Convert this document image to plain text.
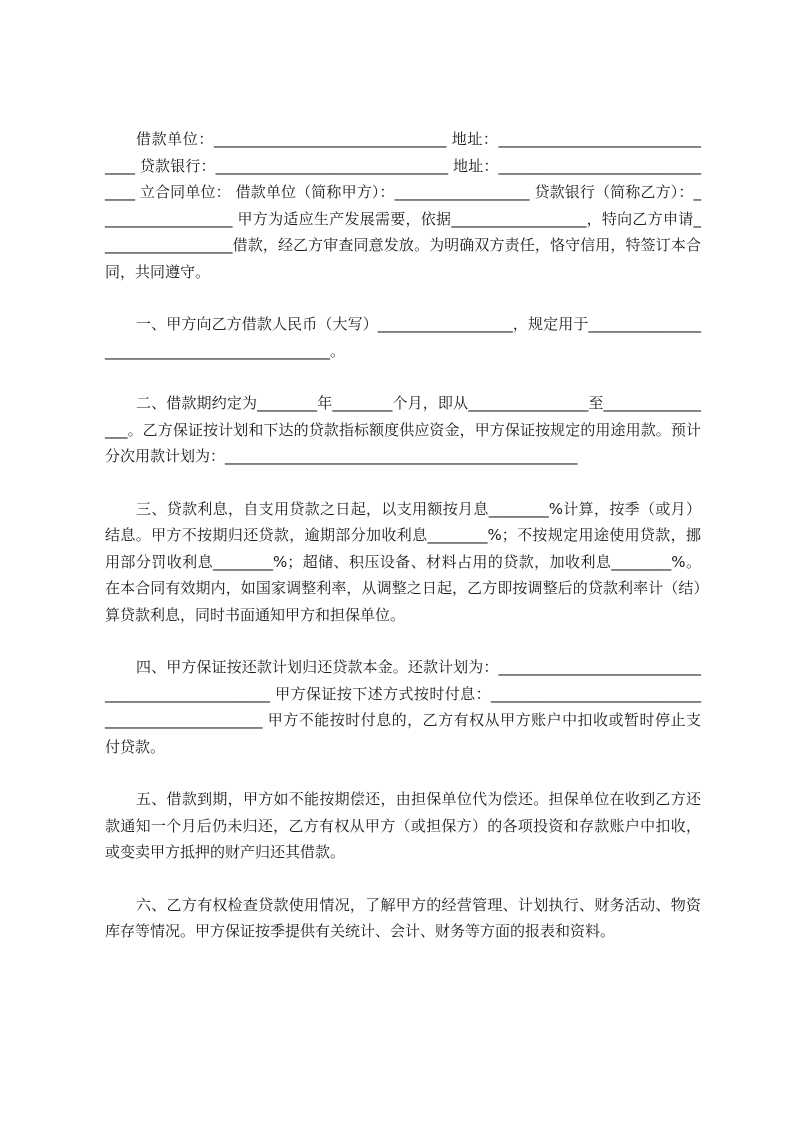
借款单位：_______________________________ 地址：_______________________________ 贷款银行：_______________________________ 地址：_______________________________ 立合同单位： 借款单位（简称甲方）：__________________ 贷款银行（简称乙方）：__________________ 甲方为适应生产发展需要，依据__________________，特向乙方申请__________________借款，经乙方审查同意发放。为明确双方责任，恪守信用，特签订本合同，共同遵守。

一、甲方向乙方借款人民币（大写）__________________，规定用于_____________________________________________。

二、借款期约定为________年________个月，即从________________至________________。乙方保证按计划和下达的贷款指标额度供应资金，甲方保证按规定的用途用款。预计分次用款计划为：_______________________________________________

三、贷款利息，自支用贷款之日起，以支用额按月息________%计算，按季（或月）结息。甲方不按期归还贷款，逾期部分加收利息________%；不按规定用途使用贷款，挪用部分罚收利息________%；超储、积压设备、材料占用的贷款，加收利息________%。 在本合同有效期内，如国家调整利率，从调整之日起，乙方即按调整后的贷款利率计（结）算贷款利息，同时书面通知甲方和担保单位。

四、甲方保证按还款计划归还贷款本金。还款计划为：_________________________________________________ 甲方保证按下述方式按时付息：_________________________________________________ 甲方不能按时付息的，乙方有权从甲方账户中扣收或暂时停止支付贷款。

五、借款到期，甲方如不能按期偿还，由担保单位代为偿还。担保单位在收到乙方还款通知一个月后仍未归还，乙方有权从甲方（或担保方）的各项投资和存款账户中扣收，或变卖甲方抵押的财产归还其借款。

六、乙方有权检查贷款使用情况，了解甲方的经营管理、计划执行、财务活动、物资库存等情况。甲方保证按季提供有关统计、会计、财务等方面的报表和资料。
